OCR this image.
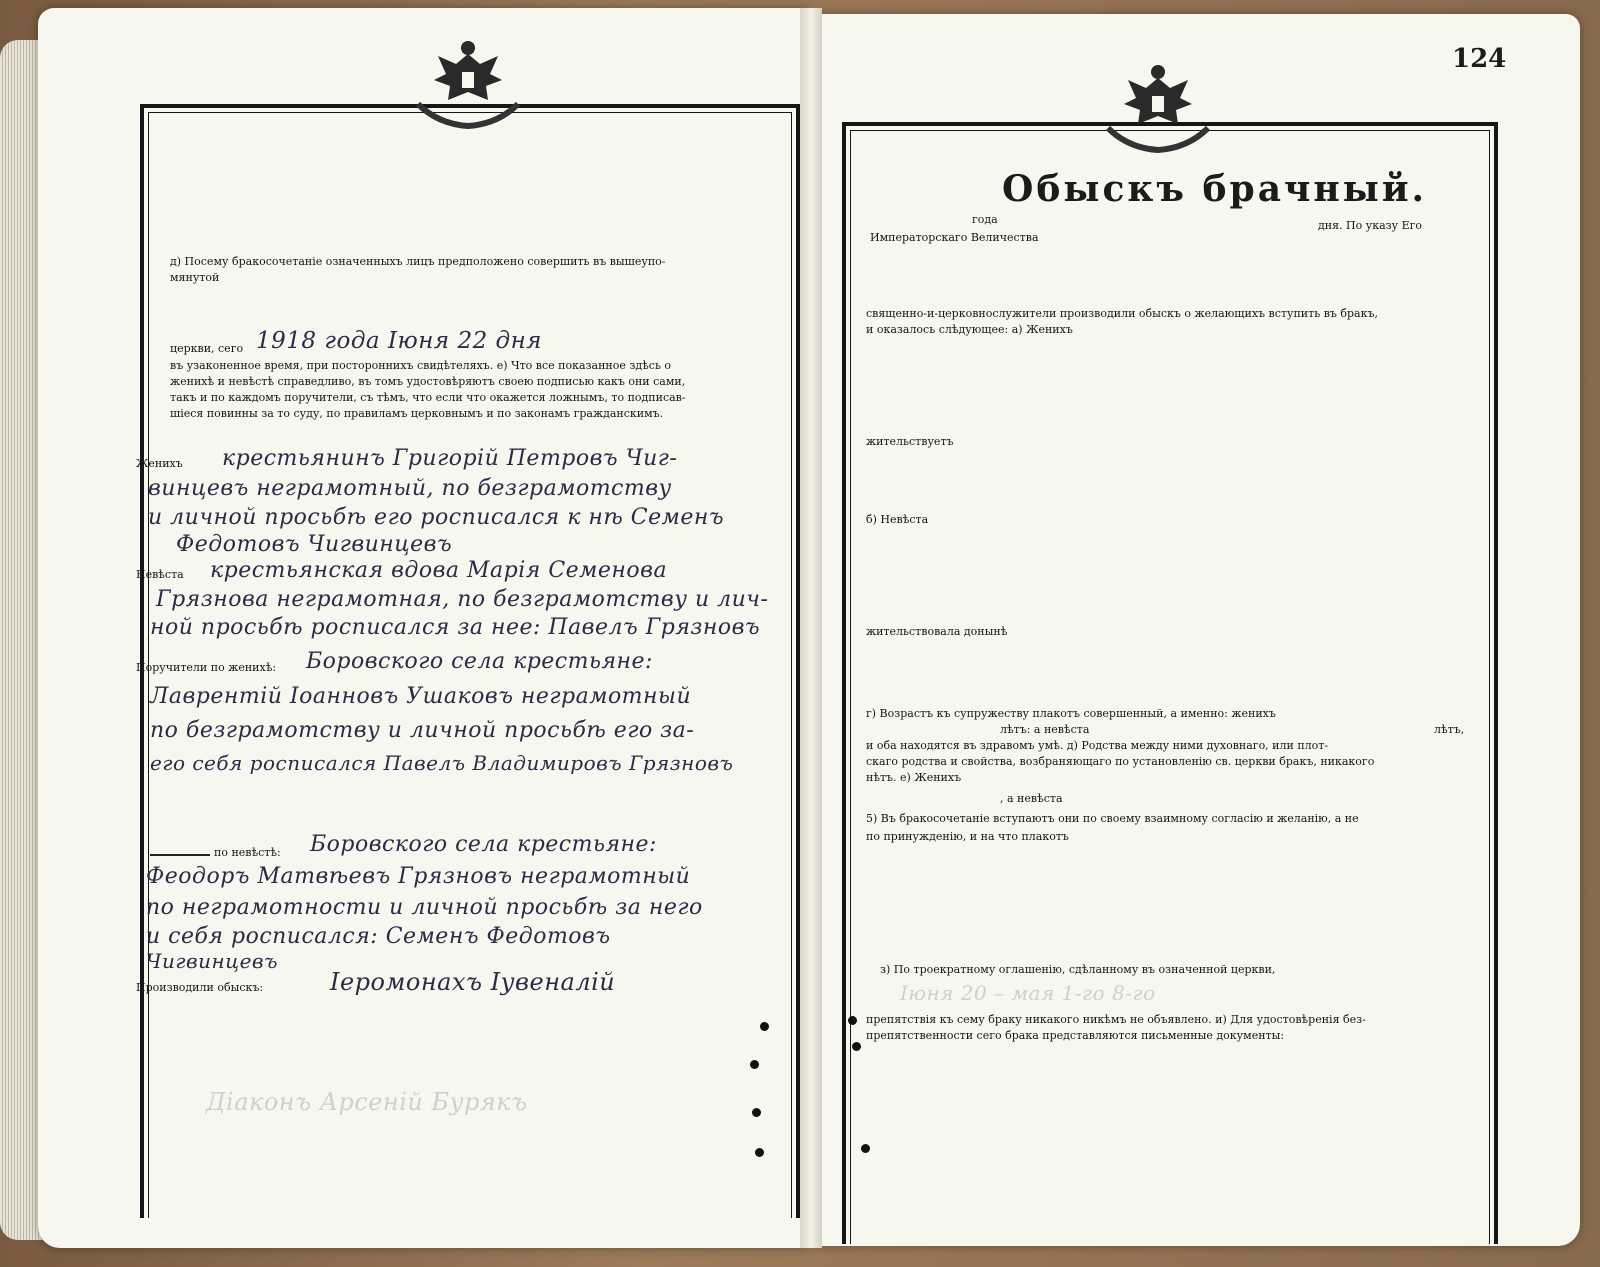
124
Обыскъ брачный.
д) Посему бракосочетаніе означенныхъ лицъ предположено совершить въ вышеупо-
мянутой
церкви, сего 1918 года Іюня 22 дня
въ узаконенное время, при постороннихъ свидѣтеляхъ. е) Что все показанное здѣсь о
женихѣ и невѣстѣ справедливо, въ томъ удостовѣряютъ своею подписью какъ они сами,
такъ и по каждомъ поручители, съ тѣмъ, что если что окажется ложнымъ, то подписав-
шіеся повинны за то суду, по правиламъ церковнымъ и по законамъ гражданскимъ.
Женихъ крестьянинъ Григорій Петровъ Чиг-
винцевъ неграмотный, по безграмотству
и личной просьбѣ его росписался к нѣ Семенъ
Федотовъ Чигвинцевъ
Невѣста крестьянская вдова Марія Семенова
Грязнова неграмотная, по безграмотству и лич-
ной просьбѣ росписался за нее: Павелъ Грязновъ
Поручители по женихѣ: Боровского села крестьяне:
Лаврентій Іоанновъ Ушаковъ неграмотный
по безграмотству и личной просьбѣ его за-
его себя росписался Павелъ Владимировъ Грязновъ
по невѣстѣ: Боровского села крестьяне:
Феодоръ Матвѣевъ Грязновъ неграмотный
по неграмотности и личной просьбѣ за него
и себя росписался: Семенъ Федотовъ
Чигвинцевъ
Производили обыскъ:	Іеромонахъ Іувеналій
Діаконъ Арсеній Бурякъ
года	дня. По указу Его
Императорскаго Величества
священно-и-церковнослужители производили обыскъ о желающихъ вступить въ бракъ,
и оказалось слѣдующее: а) Женихъ
жительствуетъ
б) Невѣста
жительствовала донынѣ
г) Возрастъ къ супружеству плакотъ совершенный, а именно: женихъ
лѣтъ: а невѣста	лѣтъ,
и оба находятся въ здравомъ умѣ. д) Родства между ними духовнаго, или плот-
скаго родства и свойства, возбраняющаго по установленію св. церкви бракъ, никакого
нѣтъ. е) Женихъ
, а невѣста
5) Въ бракосочетаніе вступаютъ они по своему взаимному согласію и желанію, а не
по принужденію, и на что плакотъ
з) По троекратному оглашенію, сдѣланному въ означенной церкви,
Іюня 20 – мая 1-го 8-го
препятствія къ сему браку никакого никѣмъ не объявлено. и) Для удостовѣренія без-
препятственности сего брака представляются письменные документы:
